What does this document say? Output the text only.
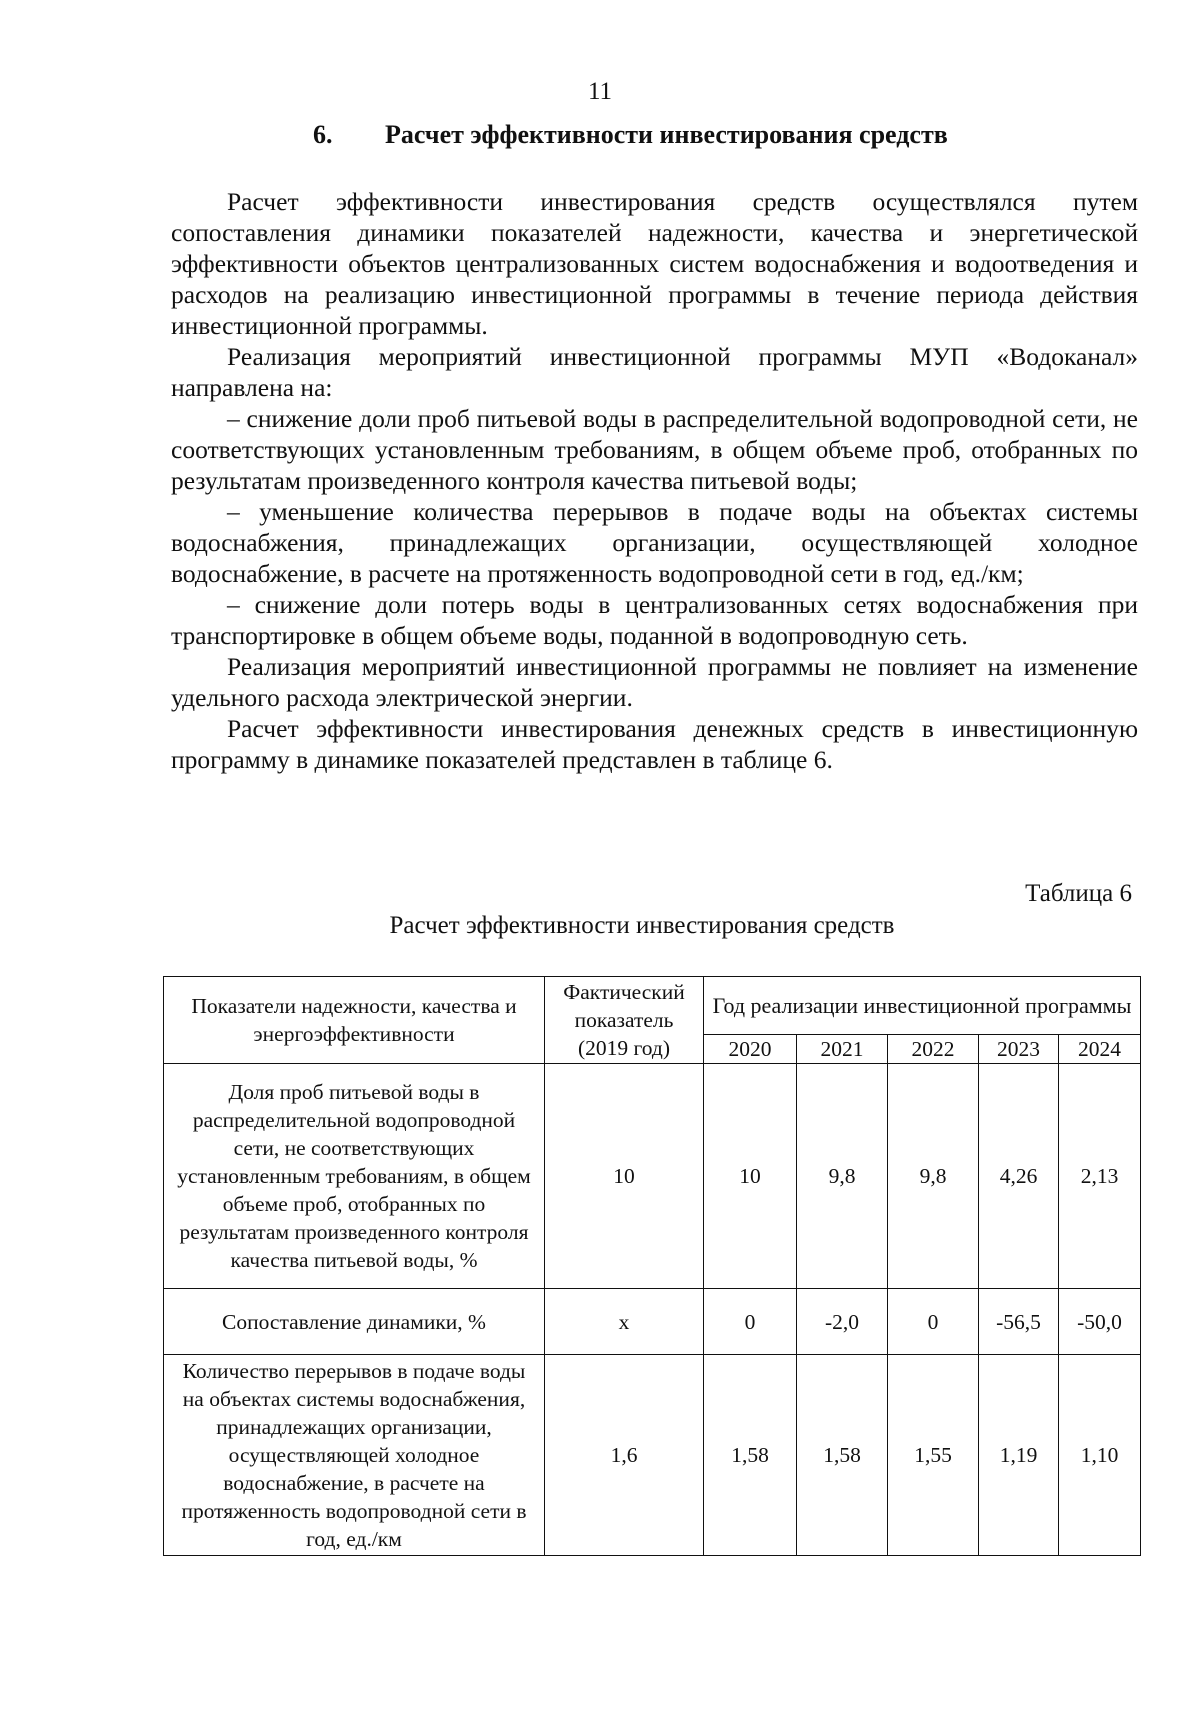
11
6. Расчет эффективности инвестирования средств

Расчет эффективности инвестирования средств осуществлялся путем сопоставления динамики показателей надежности, качества и энергетической эффективности объектов централизованных систем водоснабжения и водоотведения и расходов на реализацию инвестиционной программы в течение периода действия инвестиционной программы.

Реализация мероприятий инвестиционной программы МУП «Водоканал» направлена на:

– снижение доли проб питьевой воды в распределительной водопроводной сети, не соответствующих установленным требованиям, в общем объеме проб, отобранных по результатам произведенного контроля качества питьевой воды;

– уменьшение количества перерывов в подаче воды на объектах системы водоснабжения, принадлежащих организации, осуществляющей холодное водоснабжение, в расчете на протяженность водопроводной сети в год, ед./км;

– снижение доли потерь воды в централизованных сетях водоснабжения при транспортировке в общем объеме воды, поданной в водопроводную сеть.

Реализация мероприятий инвестиционной программы не повлияет на изменение удельного расхода электрической энергии.

Расчет эффективности инвестирования денежных средств в инвестиционную программу в динамике показателей представлен в таблице 6.

Таблица 6
Расчет эффективности инвестирования средств
Показатели надежности, качества и энергоэффективности	Фактический показатель (2019 год)	Год реализации инвестиционной программы				
		2020	2021	2022	2023	2024
Доля проб питьевой воды в распределительной водопроводной сети, не соответствующих установленным требованиям, в общем объеме проб, отобранных по результатам произведенного контроля качества питьевой воды, %	10	10	9,8	9,8	4,26	2,13
Сопоставление динамики, %	х	0	-2,0	0	-56,5	-50,0
Количество перерывов в подаче воды на объектах системы водоснабжения, принадлежащих организации, осуществляющей холодное водоснабжение, в расчете на протяженность водопроводной сети в год, ед./км	1,6	1,58	1,58	1,55	1,19	1,10
